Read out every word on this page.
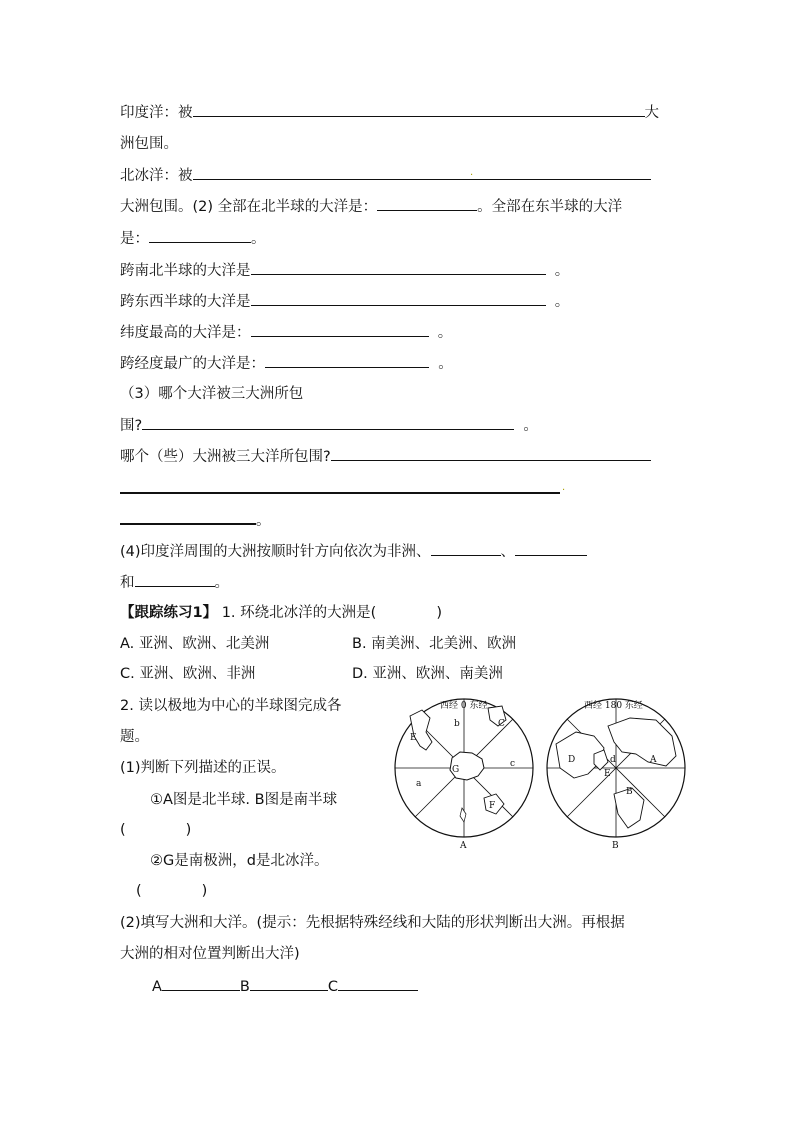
印度洋：被	大
洲包围。
北冰洋：被	·
大洲包围。(2) 全部在北半球的大洋是：	。全部在东半球的大洋
是：	。
跨南北半球的大洋是	。
跨东西半球的大洋是	。
纬度最高的大洋是：	。
跨经度最广的大洋是：	。
（3）哪个大洋被三大洲所包
围?	。
哪个（些）大洲被三大洋所包围?
·
。
(4)印度洋周围的大洲按顺时针方向依次为非洲、	、
和	。
【跟踪练习1】 1. 环绕北冰洋的大洲是(	)
A. 亚洲、欧洲、北美洲	B. 南美洲、北美洲、欧洲
C. 亚洲、欧洲、非洲	D. 亚洲、欧洲、南美洲
2. 读以极地为中心的半球图完成各
题。
(1)判断下列描述的正误。
①A图是北半球. B图是南半球
(	)
②G是南极洲，d是北冰洋。
(	)
(2)填写大洲和大洋。(提示：先根据特殊经线和大陆的形状判断出大洲。再根据
大洲的相对位置判断出大洋)
A	B	C
西经 0 东经
b	C
E
a
G
c
F
A
西经 180 东经
D	d	A
E
B
B
